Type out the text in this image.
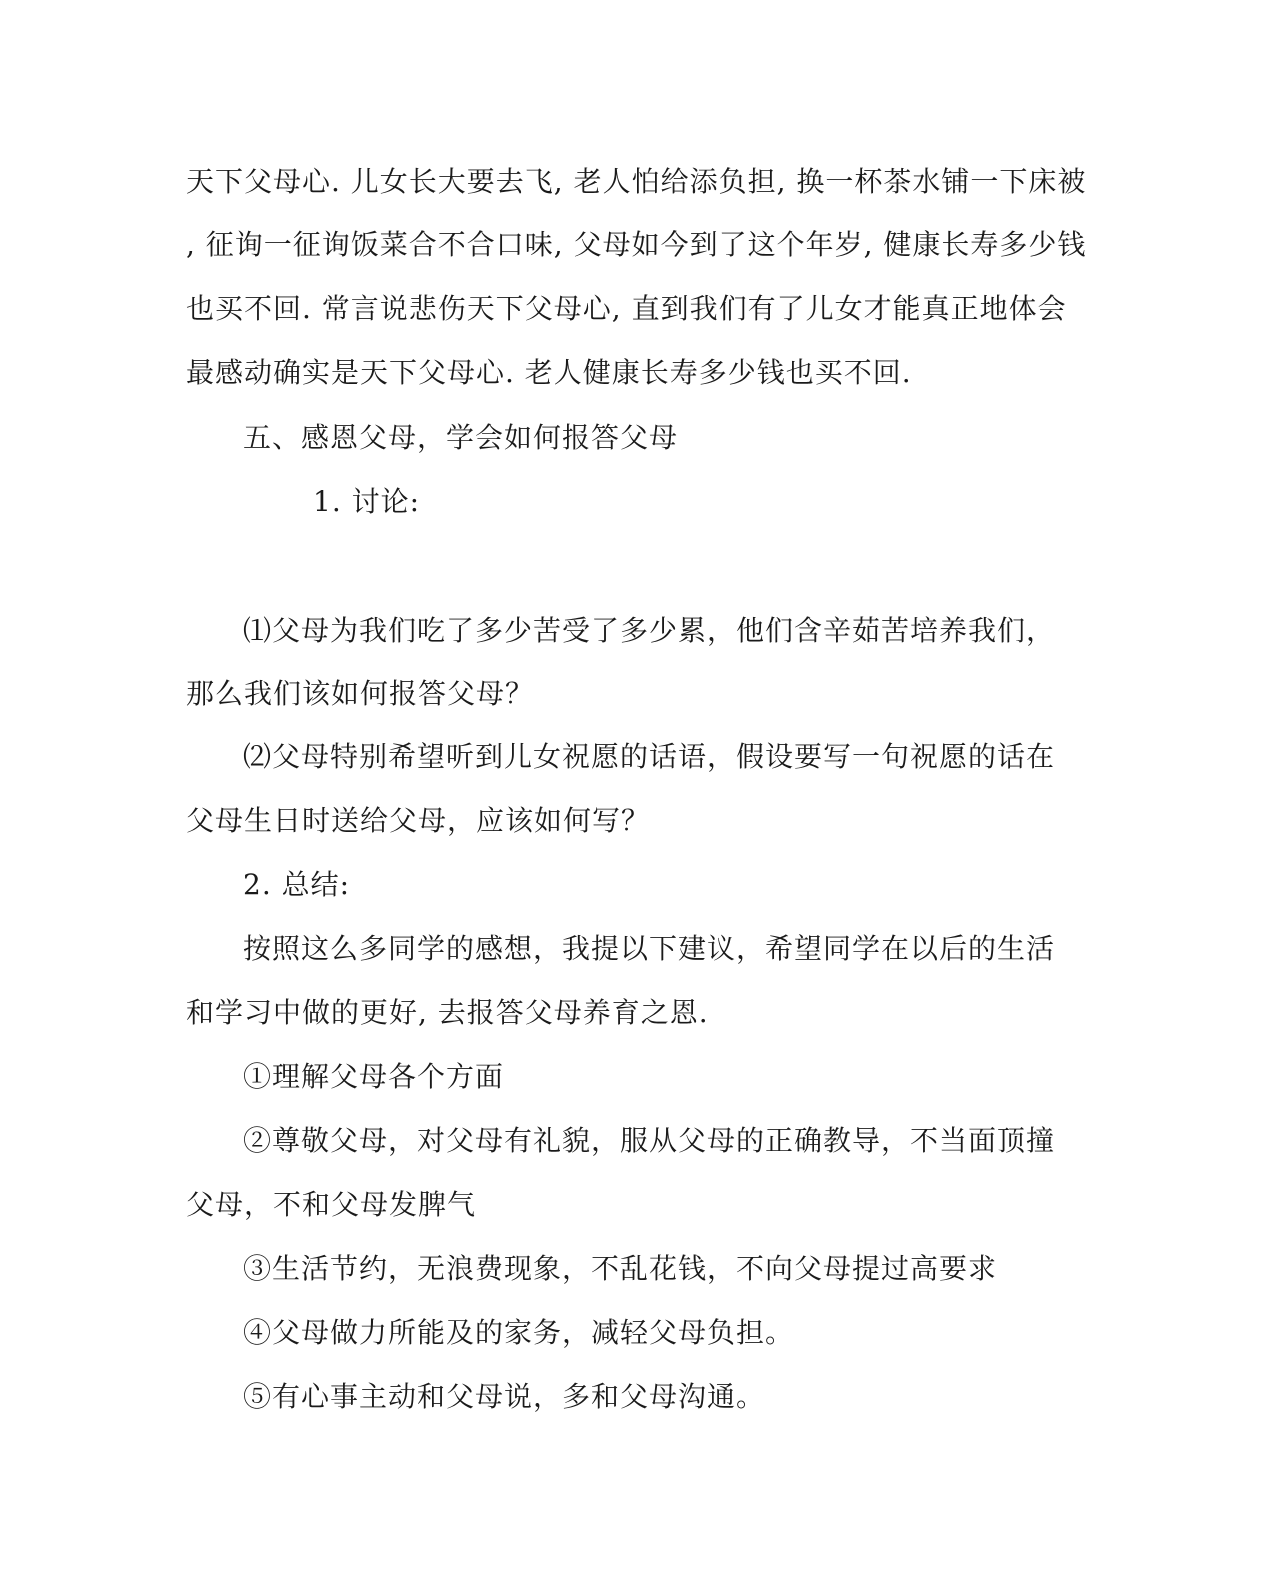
天下父母心. 儿女长大要去飞, 老人怕给添负担, 换一杯茶水铺一下床被
, 征询一征询饭菜合不合口味, 父母如今到了这个年岁, 健康长寿多少钱
也买不回. 常言说悲伤天下父母心, 直到我们有了儿女才能真正地体会
最感动确实是天下父母心. 老人健康长寿多少钱也买不回.
五、感恩父母，学会如何报答父母
1. 讨论:
⑴父母为我们吃了多少苦受了多少累，他们含辛茹苦培养我们，
那么我们该如何报答父母？
⑵父母特别希望听到儿女祝愿的话语，假设要写一句祝愿的话在
父母生日时送给父母，应该如何写？
2. 总结:
按照这么多同学的感想，我提以下建议，希望同学在以后的生活
和学习中做的更好, 去报答父母养育之恩.
①理解父母各个方面
②尊敬父母，对父母有礼貌，服从父母的正确教导，不当面顶撞
父母，不和父母发脾气
③生活节约，无浪费现象，不乱花钱，不向父母提过高要求
④父母做力所能及的家务，减轻父母负担。
⑤有心事主动和父母说，多和父母沟通。
